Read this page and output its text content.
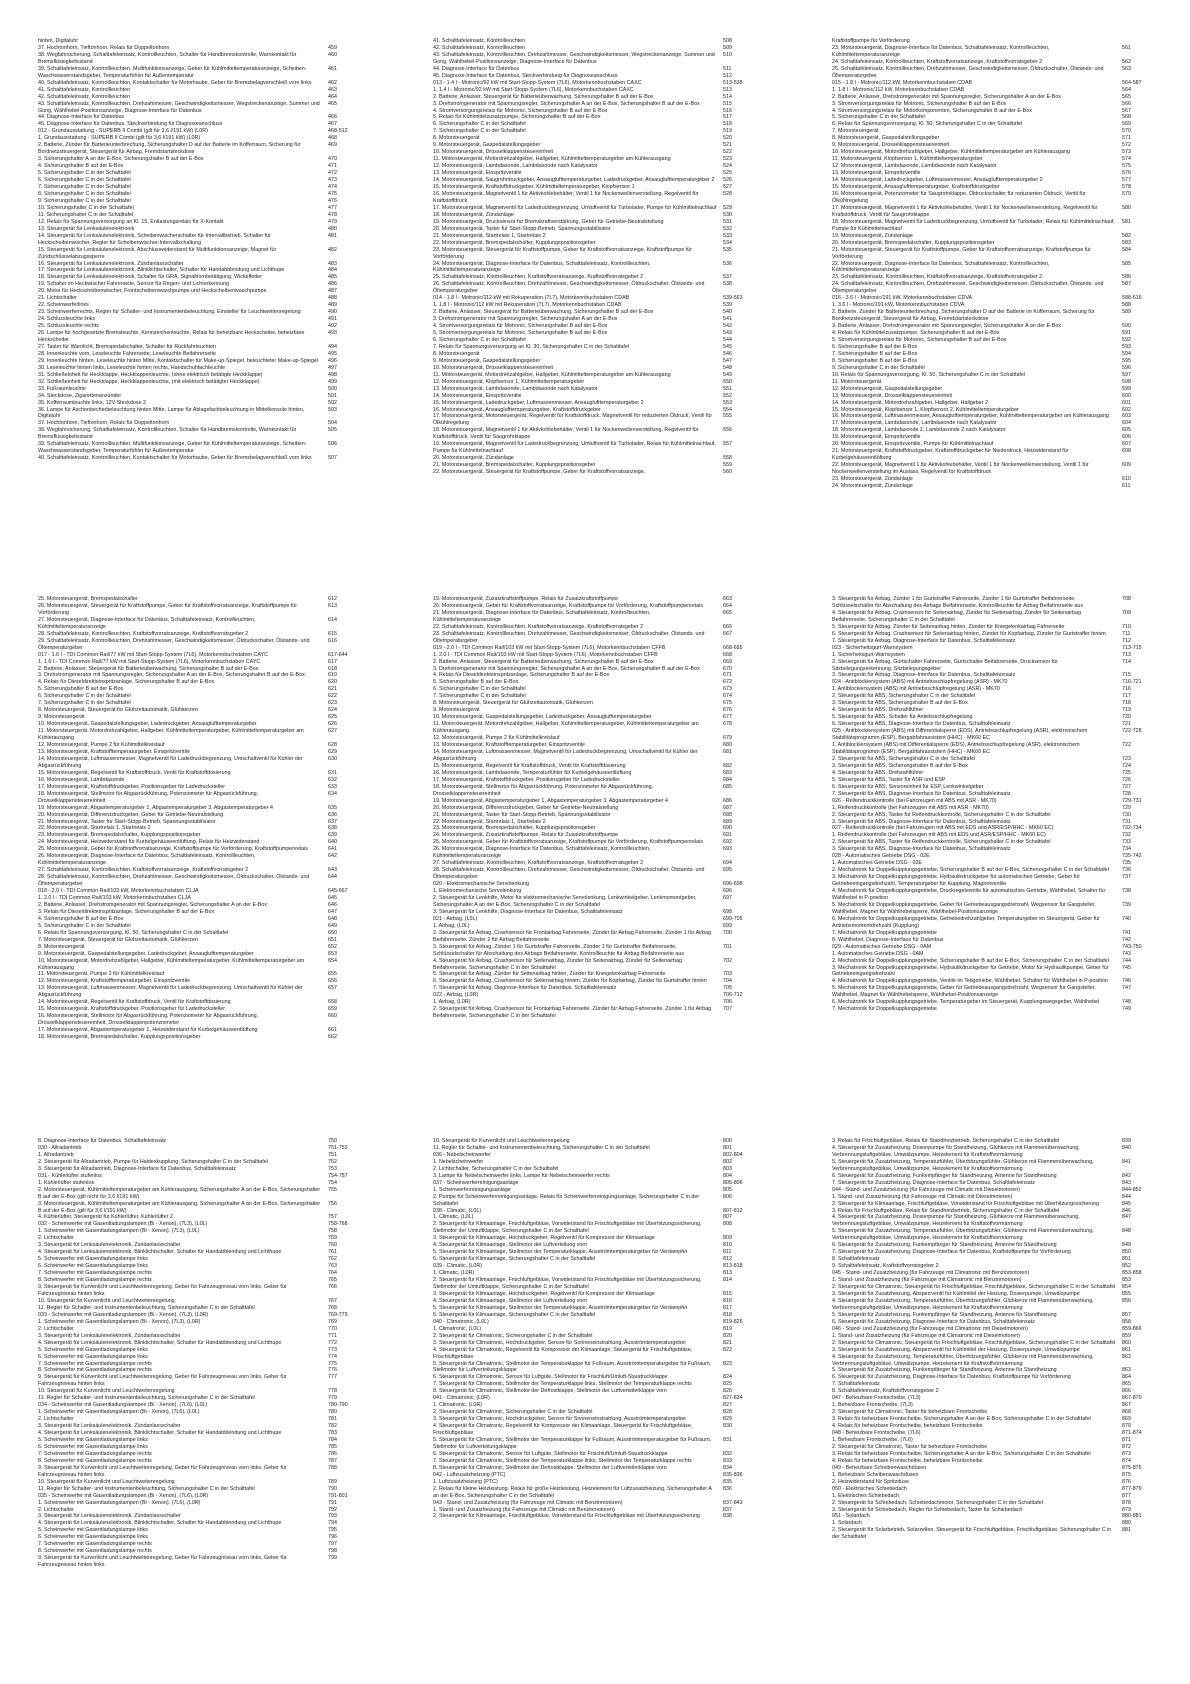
hinten, Digitaluhr
37. Hochtonhorn, Tieftonhorn, Relais für Doppeltonhorn	459
38. Wegfahrsicherung, Schalttafeleinsatz, Kontrollleuchten, Schalter für Handbremskontrolle, Warnkontakt für Bremsflüssigkeitsstand
460
39. Schalttafeleinsatz, Kontrollleuchten, Multifunktionsanzeige, Geber für Kühlmitteltemperaturanzeige, Scheiben-Waschwasserstandsgeber, Temperaturfühler für Außentemperatur
461
40. Schalttafeleinsatz, Kontrollleuchten, Kontaktschalter für Motorhaube, Geber für Bremsbelagverschleiß vorn links	462
41. Schalttafeleinsatz, Kontrollleuchten	463
42. Schalttafeleinsatz, Kontrollleuchten	464
43. Schalttafeleinsatz, Kontrollleuchten, Drehzahlmesser, Geschwindigkeitsmesser, Wegstreckenanzeige, Summer und Gong, Wählhebel-Positionsanzeige, Diagnose-Interface für Datenbus
465
44. Diagnose-Interface für Datenbus	466
45. Diagnose-Interface für Datenbus, Steckverbindung für Diagnoseanschluss	467
012 - Grundausstattung - SUPERB II Combi (gilt für 3,6 l/191 kW) (L0R)	468-512
1. Grundausstattung - SUPERB II Combi (gilt für 3,6 l/191 kW) (L0R)	468
2. Batterie, Zünder für Batterieunterbrechung, Sicherungshalter D auf der Batterie im Kofferraum, Sicherung für Bordnetzsteuergerät, Steuergerät für Airbag, Fremdstartsteckdose
469
3. Sicherungshalter A an der E-Box, Sicherungshalter B auf der E-Box	470
4. Sicherungshalter B auf der E-Box	471
5. Sicherungshalter C in der Schalttafel	472
6. Sicherungshalter C in der Schalttafel	473
7. Sicherungshalter C in der Schalttafel	474
8. Sicherungshalter C in der Schalttafel	475
9. Sicherungshalter C in der Schalttafel	476
10. Sicherungshalter C in der Schalttafel	477
11. Sicherungshalter C in der Schalttafel	478
12. Relais für Spannungsversorgung an Kl. 15, Entlastungsrelais für X-Kontakt	479
13. Steuergerät für Lenksäulenelektronik	480
14. Steuergerät für Lenksäulenelektronik, Scheibenwischerschalter für Intervallbetrieb, Schalter für Heckscheibenwischer, Regler für Scheibenwischer-Intervallschaltung
481
15. Steuergerät für Lenksäulenelektronik, Abschlusswiderstand für Multifunktionsanzeige, Magnet für Zündschlüsselabzugssperre
482
16. Steuergerät für Lenksäulenelektronik, Zündanlassschalter	483
17. Steuergerät für Lenksäulenelektronik, Blinklichtschalter, Schalter für Handabblendung und Lichthupe	484
18. Steuergerät für Lenksäulenelektronik, Schalter für GRA, Signalhornbetätigung, Wickelfeder	485
19. Schalter im Heckwischer Fahrerseite, Sensor für Regen- und Lichterkennung	486
20. Motor für Heckscheibenwischer, Frontscheibenwaschpumpe und Heckscheibenwaschpumpe	487
21. Lichtschalter	488
22. Scheinwerferlinks	489
23. Scheinwerferrechts, Regler für Schalter- und Instrumentenbeleuchtung, Einsteller für Leuchtweitenregelung	490
24. Schlussleuchte links	491
25. Schlussleuchte rechts	492
26. Lampe für hochgesetzte Bremsleuchte, Kennzeichenleuchte, Relais für beheizbare Heckscheibe, beheizbare Heckscheibe
493
27. Taster für Warnlicht, Bremspedalschalter, Schalter für Rückfahrleuchten	494
28. Innenleuchte vorn, Leseleuchte Fahrerseite, Leseleuchte Beifahrerseite	495
29. Innenleuchte hinten, Leseleuchte hinten Mitte, Kontaktschalter für Make-up-Spiegel, beleuchteter Make-up-Spiegel 496
30. Leseleuchte hinten links, Leseleuchte hinten rechts, Handschuhfachleuchte	497
31. Schließeinheit für Heckklappe, Heckklappenleuchte, (ohne elektrisch betätigte Heckklappe)	498
32. Schließeinheit für Heckklappe, Heckklappenleuchte, (mit elektrisch betätigter Heckklappe)	499
33. Fußraumleuchte	500
34. Steckdose, Zigarettenanzünder	501
35. Kofferraumleuchte links, 12V-Steckdose 2	502
36. Lampe für Aschenbecherbeleuchtung hinten Mitte, Lampe für Ablagefachbeleuchtung in Mittelkonsole hinten, Digitaluhr
503
37. Hochtonhorn, Tieftonhorn, Relais für Doppeltonhorn	504
38. Wegfahrsicherung, Schalttafeleinsatz, Kontrollleuchten, Schalter für Handbremskontrolle, Warnkontakt für Bremsflüssigkeitsstand
505
39. Schalttafeleinsatz, Kontrollleuchten, Multifunktionsanzeige, Geber für Kühlmitteltemperaturanzeige, Scheiben-Waschwasserstandsgeber, Temperaturfühler für Außentemperatur
506
40. Schalttafeleinsatz, Kontrollleuchten, Kontaktschalter für Motorhaube, Geber für Bremsbelagverschleiß vorn links	507
41. Schalttafeleinsatz, Kontrollleuchten	508
42. Schalttafeleinsatz, Kontrollleuchten	509
43. Schalttafeleinsatz, Kontrollleuchten, Drehzahlmesser, Geschwindigkeitsmesser, Wegstreckenanzeige, Summer und Gong, Wählhebel-Positionsanzeige, Diagnose-Interface für Datenbus
510
44. Diagnose-Interface für Datenbus	511
45. Diagnose-Interface für Datenbus, Steckverbindung für Diagnoseanschluss	512
013 - 1.4 l - Motronic/92 kW mit Start-Stopp-System (7L6), Motorkennbuchstaben CAXC	513-538
1. 1.4 l - Motronic/92 kW mit Start-Stopp-System (7L6), Motorkennbuchstaben CAXC	513
2. Batterie, Anlasser, Steuergerät für Batterieüberwachung, Sicherungshalter B auf der E-Box	514
3. Drehstromgenerator mit Spannungsregler, Sicherungshalter A an der E-Box, Sicherungshalter B auf der E-Box	515
4. Stromversorgungsrelais für Motronic, Sicherungshalter B auf der E-Box	516
5. Relais für Kühlmittelzusatzpumpe, Sicherungshalter B auf der E-Box	517
6. Sicherungshalter C in der Schalttafel	518
7. Sicherungshalter C in der Schalttafel	519
8. Motorsteuergerät	520
9. Motorsteuergerät, Gaspedalstellungsgeber	521
10. Motorsteuergerät, Drosselklappensteuereinheit	522
11. Motorsteuergerät, Motordrehzahlgeber, Hallgeber, Kühlmitteltemperaturgeber am Kühlerausgang	523
12. Motorsteuergerät, Lambdasonde, Lambdasonde nach Katalysator	524
13. Motorsteuergerät, Einspritzventile	525
14. Motorsteuergerät, Saugrohrdruckgeber, Ansauglufttemperaturgeber, Ladedruckgeber, Ansauglufttemperaturgeber 2 526
15. Motorsteuergerät, Kraftstoffdruckgeber, Kühlmitteltemperaturgeber, Klopfsensor 1	527
16. Motorsteuergerät, Magnetventil 1 für Aktivkohlebehälter, Ventil 1 für Nockenwellenverstellung, Regelventil für Kraftstoffdruck
528
17. Motorsteuergerät, Magnetventil für Ladedruckbegrenzung, Umluftventil für Turbolader, Pumpe für Kühlmittelnachlauf 529
18. Motorsteuergerät, Zündanlage	530
19. Motorsteuergerät, Drucksensor für Bremskraftverstärkung, Geber für Getriebe-Neutralstellung	531
20. Motorsteuergerät, Taster für Start-Stopp-Betrieb, Spannungsstabilisator	532
21. Motorsteuergerät, Startrelais 1, Startrelais 2	533
22. Motorsteuergerät, Bremspedalschalter, Kupplungspositionsgeber	534
23. Motorsteuergerät, Steuergerät für Kraftstoffpumpe, Geber für Kraftstoffvorratsanzeige, Kraftstoffpumpe für Vorförderung
535
24. Motorsteuergerät, Diagnose-Interface für Datenbus, Schalttafeleinsatz, Kontrollleuchten, Kühlmitteltemperaturanzeige
536
25. Schalttafeleinsatz, Kontrollleuchten, Kraftstoffvorratsanzeige, Kraftstoffvorratsgeber 2	537
26. Schalttafeleinsatz, Kontrollleuchten, Drehzahlmesser, Geschwindigkeitsmesser, Öldruckschalter, Ölstands- und Öltemperaturgeber
538
014 - 1.8 l - Motronic/112 kW mit Rekuperation (7L7), Motorkennbuchstaben CDAB	539-563
1. 1.8 l - Motronic/112 kW mit Rekuperation (7L7), Motorkennbuchstaben CDAB	539
2. Batterie, Anlasser, Steuergerät für Batterieüberwachung, Sicherungshalter B auf der E-Box	540
3. Drehstromgenerator mit Spannungsregler, Sicherungshalter A an der E-Box	541
4. Stromversorgungsrelais für Motronic, Sicherungshalter B auf der E-Box	542
5. Stromversorgungsrelais für Motronic, Sicherungshalter B auf der E-Box	543
6. Sicherungshalter C in der Schalttafel	544
7. Relais für Spannungsversorgung an Kl. 30, Sicherungshalter C in der Schalttafel	545
8. Motorsteuergerät	546
9. Motorsteuergerät, Gaspedalstellungsgeber	547
10. Motorsteuergerät, Drosselklappensteuereinheit	548
11. Motorsteuergerät, Motordrehzahlgeber, Hallgeber, Kühlmitteltemperaturgeber am Kühlerausgang	549
12. Motorsteuergerät, Klopfsensor 1, Kühlmitteltemperaturgeber	550
13. Motorsteuergerät, Lambdasonde, Lambdasonde nach Katalysator	551
14. Motorsteuergerät, Einspritzventile	552
15. Motorsteuergerät, Ladedruckgeber, Luftmassenmesser, Ansauglufttemperaturgeber 2	553
16. Motorsteuergerät, Ansauglufttemperaturgeber, Kraftstoffdruckgeber	554
17. Motorsteuergerät, Motorsteuergerät, Regelventil für Kraftstoffdruck, Magnetventil für reduzierten Öldruck, Ventil für Ölkühlregelung
555
18. Motorsteuergerät, Magnetventil 1 für Aktivkohlebehälter, Ventil 1 für Nockenwellenverstellung, Regelventil für Kraftstoffdruck, Ventil für Saugrohrklappe
556
19. Motorsteuergerät, Magnetventil für Ladedruckbegrenzung, Umluftventil für Turbolader, Relais für Kühlmittelnachlauf, Pumpe für Kühlmittelnachlauf
557
20. Motorsteuergerät, Zündanlage	558
21. Motorsteuergerät, Bremspedalschalter, Kupplungspositionsgeber	559
22. Motorsteuergerät, Steuergerät für Kraftstoffpumpe, Geber für Kraftstoffvorratsanzeige,	560
Kraftstoffpumpe für Vorförderung
23. Motorsteuergerät, Diagnose-Interface für Datenbus, Schalttafeleinsatz, Kontrollleuchten, Kühlmitteltemperaturanzeige
561
24. Schalttafeleinsatz, Kontrollleuchten, Kraftstoffvorratsanzeige, Kraftstoffvorratsgeber 2	562
25. Schalttafeleinsatz, Kontrollleuchten, Drehzahlmesser, Geschwindigkeitsmesser, Öldruckschalter, Ölstands- und Öltemperaturgeber
563
015 - 1.8 l - Motronic/112 kW, Motorkennbuchstaben CDAB	564-587
1. 1.8 l - Motronic/112 kW, Motorkennbuchstaben CDAB	564
2. Batterie, Anlasser, Drehstromgenerator mit Spannungsregler, Sicherungshalter A an der E-Box	565
3. Stromversorgungsrelais für Motronic, Sicherungshalter B auf der E-Box	566
4. Stromversorgungsrelais für Motorkomponenten, Sicherungshalter B auf der E-Box	567
5. Sicherungshalter C in der Schalttafel	568
6. Relais für Spannungsversorgung, Kl. 50, Sicherungshalter C in der Schalttafel	569
7. Motorsteuergerät	570
8. Motorsteuergerät, Gaspedalstellungsgeber	571
9. Motorsteuergerät, Drosselklappensteuereinheit	572
10. Motorsteuergerät, Motordrehzahlgeber, Hallgeber, Kühlmitteltemperaturgeber am Kühlerausgang	573
11. Motorsteuergerät, Klopfsensor 1, Kühlmitteltemperaturgeber	574
12. Motorsteuergerät, Lambdasonde, Lambdasonde nach Katalysator	575
13. Motorsteuergerät, Einspritzventile	576
14. Motorsteuergerät, Ladedruckgeber, Luftmassenmesser, Ansauglufttemperaturgeber 2	577
15. Motorsteuergerät, Ansauglufttemperaturgeber, Kraftstoffdruckgeber	578
16. Motorsteuergerät, Potenziometer für Saugrohrklappe, Öldruckschalter für reduzierten Öldruck, Ventil für Ölkühlregelung
579
17. Motorsteuergerät, Magnetventil 1 für Aktivkohlebehälter, Ventil 1 für Nockenwellenverstellung, Regelventil für Kraftstoffdruck, Ventil für Saugrohrklappe
580
18. Motorsteuergerät, Magnetventil für Ladedruckbegrenzung, Umluftventil für Turbolader, Relais für Kühlmittelnachlauf, Pumpe für Kühlmittelnachlauf
581
19. Motorsteuergerät, Zündanlage	582
20. Motorsteuergerät, Bremspedalschalter, Kupplungspositionsgeber	583
21. Motorsteuergerät, Steuergerät für Kraftstoffpumpe, Geber für Kraftstoffvorratsanzeige, Kraftstoffpumpe für Vorförderung
584
22. Motorsteuergerät, Diagnose-Interface für Datenbus, Schalttafeleinsatz, Kontrollleuchten, Kühlmitteltemperaturanzeige
585
23. Schalttafeleinsatz, Kontrollleuchten, Kraftstoffvorratsanzeige, Kraftstoffvorratsgeber 2	586
24. Schalttafeleinsatz, Kontrollleuchten, Drehzahlmesser, Geschwindigkeitsmesser, Öldruckschalter, Ölstands- und Öltemperaturgeber
587
016 - 3.6 l - Motronic/191 kW, Motorkennbuchstaben CDVA	588-616
1. 3.6 l - Motronic/191 kW, Motorkennbuchstaben CDVA	588
2. Batterie, Zünder für Batterieunterbrechung, Sicherungshalter D auf der Batterie im Kofferraum, Sicherung für Bordnetzsteuergerät, Steuergerät für Airbag, Fremdstartsteckdose
589
3. Batterie, Anlasser, Drehstromgenerator mit Spannungsregler, Sicherungshalter A an der E-Box	590
4. Relais für Kühlmittelzusatzpumpe, Sicherungshalter B auf der E-Box	591
5. Stromversorgungsrelais für Motronic, Sicherungshalter B auf der E-Box	592
6. Sicherungshalter B auf der E-Box	593
7. Sicherungshalter B auf der E-Box	594
8. Sicherungshalter B auf der E-Box	595
9. Sicherungshalter C in der Schalttafel	596
10. Relais für Spannungsversorgung, Kl. 50, Sicherungshalter C in der Schalttafel	597
11. Motorsteuergerät	598
12. Motorsteuergerät, Gaspedalstellungsgeber	599
13. Motorsteuergerät, Drosselklappensteuereinheit	600
14. Motorsteuergerät, Motordrehzahlgeber, Hallgeber, Hallgeber 2	601
15. Motorsteuergerät, Klopfsensor 1, Klopfsensor 2, Kühlmitteltemperaturgeber	602
16. Motorsteuergerät, Luftmassenmesser, Ansauglufttemperaturgeber, Kühlmitteltemperaturgeber am Kühlerausgang 603
17. Motorsteuergerät, Lambdasonde, Lambdasonde nach Katalysator	604
18. Motorsteuergerät, Lambdasonde 2, Lambdasonde 2 nach Katalysator	605
19. Motorsteuergerät, Einspritzventile	606
20. Motorsteuergerät, Einspritzventile, Pumpe für Kühlmittelnachlauf	607
21. Motorsteuergerät, Kraftstoffdruckgeber, Kraftstoffdruckgeber für Niederdruck, Heizwiderstand für Kurbelgehäuseentlüftung
608
22. Motorsteuergerät, Magnetventil 1 für Aktivkohlebehälter, Ventil 1 für Nockenwellenverstellung, Ventil 1 für Nockenwellenverstellung im Auslass, Regelventil für Kraftstoffdruck
609
23. Motorsteuergerät, Zündanlage	610
24. Motorsteuergerät, Zündanlage	611
25. Motorsteuergerät, Bremspedalschalter	612
26. Motorsteuergerät, Steuergerät für Kraftstoffpumpe, Geber für Kraftstoffvorratsanzeige, Kraftstoffpumpe für Vorförderung
613
27. Motorsteuergerät, Diagnose-Interface für Datenbus, Schalttafeleinsatz, Kontrollleuchten, Kühlmitteltemperaturanzeige
614
28. Schalttafeleinsatz, Kontrollleuchten, Kraftstoffvorratsanzeige, Kraftstoffvorratsgeber 2	615
29. Schalttafeleinsatz, Kontrollleuchten, Drehzahlmesser, Geschwindigkeitsmesser, Öldruckschalter, Ölstands- und Öltemperaturgeber
616
017 - 1.6 l - TDI Common Rail/77 kW mit Start-Stopp-System (7L6), Motorkennbuchstaben CAYC	617-644
1. 1.6 l - TDI Common Rail/77 kW mit Start-Stopp-System (7L6), Motorkennbuchstaben CAYC	617
2. Batterie, Anlasser, Steuergerät für Batterieüberwachung, Sicherungshalter B auf der E-Box	618
3. Drehstromgenerator mit Spannungsregler, Sicherungshalter A an der E-Box, Sicherungshalter B auf der E-Box	619
4. Relais für Dieseldirekteinspritzanlage, Sicherungshalter B auf der E-Box	620
5. Sicherungshalter B auf der E-Box	621
6. Sicherungshalter C in der Schalttafel	622
7. Sicherungshalter C in der Schalttafel	623
8. Motorsteuergerät, Steuergerät für Glühzeitautomatik, Glühkerzen	624
9. Motorsteuergerät	625
10. Motorsteuergerät, Gaspedalstellungsgeber, Ladedruckgeber, Ansauglufttemperaturgeber	626
11. Motorsteuergerät, Motordrehzahlgeber, Hallgeber, Kühlmitteltemperaturgeber, Kühlmitteltemperaturgeber am Kühlerausgang
627
12. Motorsteuergerät, Pumpe 2 für Kühlmittelkreislauf	628
13. Motorsteuergerät, Kraftstofftemperaturgeber, Einspritzventile	629
14. Motorsteuergerät, Luftmassenmesser, Magnetventil für Ladedruckbegrenzung, Umschaltventil für Kühler der Abgasrückführung
630
15. Motorsteuergerät, Regelventil für Kraftstoffdruck, Ventil für Kraftstoffdosierung	631
16. Motorsteuergerät, Lambdasonde	632
17. Motorsteuergerät, Kraftstoffdruckgeber, Positionsgeber für Ladedrucksteller	633
18. Motorsteuergerät, Stellmotor für Abgasrückführung, Potenziometer für Abgasrückführung, Drosselklappensteuereinheit
634
19. Motorsteuergerät, Abgastemperaturgeber 1, Abgastemperaturgeber 3, Abgastemperaturgeber 4	635
20. Motorsteuergerät, Differenzdruckgeber, Geber für Getriebe-Neutralstellung	636
21. Motorsteuergerät, Taster für Start-Stopp-Betrieb, Spannungsstabilisator	637
22. Motorsteuergerät, Startrelais 1, Startrelais 2	638
23. Motorsteuergerät, Bremspedalschalter, Kupplungspositionsgeber	639
24. Motorsteuergerät, Heizwiderstand für Kurbelgehäuseentlüftung, Relais für Heizwiderstand	640
25. Motorsteuergerät, Geber für Kraftstoffvorratsanzeige, Kraftstoffpumpe für Vorförderung, Kraftstoffpumpenrelais	641
26. Motorsteuergerät, Diagnose-Interface für Datenbus, Schalttafeleinsatz, Kontrollleuchten, Kühlmitteltemperaturanzeige
642
27. Schalttafeleinsatz, Kontrollleuchten, Kraftstoffvorratsanzeige, Kraftstoffvorratsgeber 2	643
28. Schalttafeleinsatz, Kontrollleuchten, Drehzahlmesser, Geschwindigkeitsmesser, Öldruckschalter, Ölstands- und Öltemperaturgeber
644
018 - 2.0 l - TDI Common Rail/103 kW, Motorkennbuchstaben CLJA	645-667
1. 2.0 l - TDI Common Rail/103 kW, Motorkennbuchstaben CLJA	645
2. Batterie, Anlasser, Drehstromgenerator mit Spannungsregler, Sicherungshalter A an der E-Box	646
3. Relais für Dieseldirekteinspritzanlage, Sicherungshalter B auf der E-Box	647
4. Sicherungshalter B auf der E-Box	648
5. Sicherungshalter C in der Schalttafel	649
6. Relais für Spannungsversorgung, Kl. 50, Sicherungshalter C in der Schalttafel	650
7. Motorsteuergerät, Steuergerät für Glühzeitautomatik, Glühkerzen	651
8. Motorsteuergerät	652
9. Motorsteuergerät, Gaspedalstellungsgeber, Ladedruckgeber, Ansauglufttemperaturgeber	653
10. Motorsteuergerät, Motordrehzahlgeber, Hallgeber, Kühlmitteltemperaturgeber, Kühlmitteltemperaturgeber am Kühlerausgang
654
11. Motorsteuergerät, Pumpe 2 für Kühlmittelkreislauf	655
12. Motorsteuergerät, Kraftstofftemperaturgeber, Einspritzventile	656
13. Motorsteuergerät, Luftmassenmesser, Magnetventil für Ladedruckbegrenzung, Umschaltventil für Kühler der Abgasrückführung
657
14. Motorsteuergerät, Regelventil für Kraftstoffdruck, Ventil für Kraftstoffdosierung	658
15. Motorsteuergerät, Kraftstoffdruckgeber, Positionsgeber für Ladedrucksteller	659
16. Motorsteuergerät, Stellmotor für Abgasrückführung, Potenziometer für Abgasrückführung, Drosselklappensteuereinheit, Drosselklappenpotenziometer
660
17. Motorsteuergerät, Abgastemperaturgeber 1, Heizwiderstand für Kurbelgehäuseentlüftung	661
18. Motorsteuergerät, Bremspedalschalter, Kupplungspositionsgeber	662
19. Motorsteuergerät, Zusatzkraftstoffpumpe, Relais für Zusatzkraftstoffpumpe	663
20. Motorsteuergerät, Geber für Kraftstoffvorratsanzeige, Kraftstoffpumpe für Vorförderung, Kraftstoffpumpenrelais	664
21. Motorsteuergerät, Diagnose-Interface für Datenbus, Schalttafeleinsatz, Kontrollleuchten, Kühlmitteltemperaturanzeige
665
22. Schalttafeleinsatz, Kontrollleuchten, Kraftstoffvorratsanzeige, Kraftstoffvorratsgeber 2	666
23. Schalttafeleinsatz, Kontrollleuchten, Drehzahlmesser, Geschwindigkeitsmesser, Öldruckschalter, Ölstands- und Öltemperaturgeber
667
019 - 2.0 l - TDI Common Rail/103 kW mit Start-Stopp-System (7L6), Motorkennbuchstaben CFFB	668-695
1. 2.0 l - TDI Common Rail/103 kW mit Start-Stopp-System (7L6), Motorkennbuchstaben CFFB	668
2. Batterie, Anlasser, Steuergerät für Batterieüberwachung, Sicherungshalter B auf der E-Box	669
3. Drehstromgenerator mit Spannungsregler, Sicherungshalter A an der E-Box, Sicherungshalter B auf der E-Box	670
4. Relais für Dieseldirekteinspritzanlage, Sicherungshalter B auf der E-Box	671
5. Sicherungshalter B auf der E-Box	672
6. Sicherungshalter C in der Schalttafel	673
7. Sicherungshalter C in der Schalttafel	674
8. Motorsteuergerät, Steuergerät für Glühzeitautomatik, Glühkerzen	675
9. Motorsteuergerät	676
10. Motorsteuergerät, Gaspedalstellungsgeber, Ladedruckgeber, Ansauglufttemperaturgeber	677
11. Motorsteuergerät, Motordrehzahlgeber, Hallgeber, Kühlmitteltemperaturgeber, Kühlmitteltemperaturgeber am Kühlerausgang
678
12. Motorsteuergerät, Pumpe 2 für Kühlmittelkreislauf	679
13. Motorsteuergerät, Kraftstofftemperaturgeber, Einspritzventile	680
14. Motorsteuergerät, Luftmassenmesser, Magnetventil für Ladedruckbegrenzung, Umschaltventil für Kühler der Abgasrückführung
681
15. Motorsteuergerät, Regelventil für Kraftstoffdruck, Ventil für Kraftstoffdosierung	682
16. Motorsteuergerät, Lambdasonde, Temperaturfühler für Kurbelgehäuseentlüftung	683
17. Motorsteuergerät, Kraftstoffdruckgeber, Positionsgeber für Ladedrucksteller	684
18. Motorsteuergerät, Stellmotor für Abgasrückführung, Potenziometer für Abgasrückführung, Drosselklappensteuereinheit
685
19. Motorsteuergerät, Abgastemperaturgeber 1, Abgastemperaturgeber 3, Abgastemperaturgeber 4	686
20. Motorsteuergerät, Differenzdruckgeber, Geber für Getriebe-Neutralstellung	687
21. Motorsteuergerät, Taster für Start-Stopp-Betrieb, Spannungsstabilisator	688
22. Motorsteuergerät, Startrelais 1, Startrelais 2	689
23. Motorsteuergerät, Bremspedalschalter, Kupplungspositionsgeber	690
24. Motorsteuergerät, Zusatzkraftstoffpumpe, Relais für Zusatzkraftstoffpumpe	691
25. Motorsteuergerät, Geber für Kraftstoffvorratsanzeige, Kraftstoffpumpe für Vorförderung, Kraftstoffpumpenrelais	692
26. Motorsteuergerät, Diagnose-Interface für Datenbus, Schalttafeleinsatz, Kontrollleuchten, Kühlmitteltemperaturanzeige
693
27. Schalttafeleinsatz, Kontrollleuchten, Kraftstoffvorratsanzeige, Kraftstoffvorratsgeber 2	694
28. Schalttafeleinsatz, Kontrollleuchten, Drehzahlmesser, Geschwindigkeitsmesser, Öldruckschalter, Ölstands- und Öltemperaturgeber
695
020 - Elektromechanische Servolenkung	696-698
1. Elektromechanische Servolenkung	696
2. Steuergerät für Lenkhilfe, Motor für elektromechanische Servolenkung, Lenkwinkelgeber, Lenkmomentgeber, Sicherungshalter A an der E-Box, Sicherungshalter C in der Schalttafel
697
3. Steuergerät für Lenkhilfe, Diagnose-Interface für Datenbus, Schalttafeleinsatz	698
021 - Airbag, (L0L)	699-705
1. Airbag, (L0L)	699
2. Steuergerät für Airbag, Crashsensor für Frontairbag Fahrerseite, Zünder für Airbag Fahrerseite, Zünder 1 für Airbag Beifahrerseite, Zünder 2 für Airbag Beifahrerseite
700
3. Steuergerät für Airbag, Zünder 1 für Gurtstraffer Fahrerseite, Zünder 1 für Gurtstraffer Beifahrerseite, Schlüsselschalter für Abschaltung des Airbags Beifahrerseite, Kontrollleuchte für Airbag Beifahrerseite aus
701
4. Steuergerät für Airbag, Crashsensor für Seitenairbag, Zünder für Seitenairbag, Zünder für Seitenairbag Beifahrerseite, Sicherungshalter C in der Schalttafel
702
5. Steuergerät für Airbag, Zünder für Seitenairbag hinten, Zünder für Kniegelenkairbag Fahrerseite	703
6. Steuergerät für Airbag, Crashsensor für Seitenairbag hinten, Zünder für Kopfairbag, Zünder für Gurtstraffer hinten	704
7. Steuergerät für Airbag, Diagnose-Interface für Datenbus, Schalttafeleinsatz	705
022 - Airbag, (L0R)	706-712
1. Airbag, (L0R)	706
2. Steuergerät für Airbag, Crashsensor für Frontairbag Fahrerseite, Zünder für Airbag Fahrerseite, Zünder 1 für Airbag Beifahrerseite, Sicherungshalter C in der Schalttafel
707
3. Steuergerät für Airbag, Zünder 1 für Gurtstraffer Fahrerseite, Zünder 1 für Gurtstraffer Beifahrerseite, Schlüsselschalter für Abschaltung des Airbags Beifahrerseite, Kontrollleuchte für Airbag Beifahrerseite aus
708
4. Steuergerät für Airbag, Crashsensor für Seitenairbag, Zünder für Seitenairbag, Zünder für Seitenairbag Beifahrerseite, Sicherungshalter C in der Schalttafel
709
5. Steuergerät für Airbag, Zünder für Seitenairbag hinten, Zünder für Kniegelenkairbag Fahrerseite	710
6. Steuergerät für Airbag, Crashsensor für Seitenairbag hinten, Zünder für Kopfairbag, Zünder für Gurtstraffer hinten	711
7. Steuergerät für Airbag, Diagnose-Interface für Datenbus, Schalttafeleinsatz	712
023 - Sicherheitsgurt-Warnsystem	713-715
1. Sicherheitsgurt-Warnsystem	713
2. Steuergerät für Airbag, Gurtschalter Fahrerseite, Gurtschalter Beifahrerseite, Drucksensor für Sitzbelegungserkennung, Sitzbelegungsgeber
714
3. Steuergerät für Airbag, Diagnose-Interface für Datenbus, Schalttafeleinsatz	715
024 - Antiblockiersystem (ABS) mit Antriebsschlupfregelung (ASR) - MK70	716-721
1. Antiblockiersystem (ABS) mit Antriebsschlupfregelung (ASR) - MK70	716
2. Steuergerät für ABS, Sicherungshalter C in der Schalttafel	717
3. Steuergerät für ABS, Sicherungshalter B auf der E-Box	718
4. Steuergerät für ABS, Drehzahlfühler	719
5. Steuergerät für ABS, Schalter für Antiebsschlupfregelung	720
6. Steuergerät für ABS, Diagnose-Interface für Datenbus, Schalttafeleinsatz	721
025 - Antiblockiersystem (ABS) mit Differentialsperre (EDS), Antriebsschlupfregelung (ASR), elektronischem Stabilitätsprogramm (ESP), Bergabfahrassistent (HHC) - MK60 EC
722-728
1. Antiblockiersystem (ABS) mit Differentialsperre (EDS), Antriebsschlupfregelung (ASR), elektronischem Stabilitätsprogramm (ESP), Bergabfahrassistent (HHC) - MK60 EC
722
2. Steuergerät für ABS, Sicherungshalter C in der Schalttafel	723
3. Steuergerät für ABS, Sicherungshalter B auf der E-Box	724
4. Steuergerät für ABS, Drehzahlfühler	725
5. Steuergerät für ABS, Taster für ASR und ESP	726
6. Steuergerät für ABS, Sensoreinheit für ESP, Lenkwinkelgeber	727
7. Steuergerät für ABS, Diagnose-Interface für Datenbus, Schalttafeleinsatz	728
026 - Reifendruckkontrolle (bei Fahrzeugen mit ABS mit ASR - MK70)	729-731
1. Reifendruckkontrolle (bei Fahrzeugen mit ABS mit ASR - MK70)	729
2. Steuergerät für ABS, Taster für Reifendruckkontrolle, Sicherungshalter C in der Schalttafel	730
3. Steuergerät für ABS, Diagnose-Interface für Datenbus, Schalttafeleinsatz	731
027 - Reifendruckkontrolle (bei Fahrzeugen mit ABS mit EDS und ASR/ESP/HHC - MK60 EC)	732-734
1. Reifendruckkontrolle (bei Fahrzeugen mit ABS mit EDS und ASR/ESP/HHC - MK60 EC)	732
2. Steuergerät für ABS, Taster für Reifendruckkontrolle, Sicherungshalter C in der Schalttafel	733
3. Steuergerät für ABS, Diagnose-Interface für Datenbus, Schalttafeleinsatz	734
028 - Automatisches Getriebe DSG - 02E	735-742
1. Automatisches Getriebe DSG - 02E	735
2. Mechatronik für Doppelkupplungsgetriebe, Sicherungshalter B auf der E-Box, Sicherungshalter C in der Schalttafel 736
3. Mechatronik für Doppelkupplungsgetriebe, Hydraulikdruckgeber für automatisches Getriebe, Geber für Getriebeeingangsdrehzahl, Temperaturgeber für Kupplung, Magnetventile
737
4. Mechatronik für Doppelkupplungsgetriebe, Druckregelventile für automatisches Getriebe, Wählhebel, Schalter für Wählhebel in P-position
738
5. Mechatronik für Doppelkupplungsgetriebe, Geber für Getriebeausgangsdrehzahl, Wegsensor für Gangsteller, Wählhebel, Magnet für Wählhebelsperre, Wählhebel-Positionsanzeige
739
6. Mechatronik für Doppelkupplungsgetriebe, Getriebedrehzahlgeber, Temperaturgeber im Steuergerät, Geber für Antriebsmomentdrehzahl (Kupplung)
740
7. Mechatronik für Doppelkupplungsgetriebe	741
8. Wählhebel, Diagnose-Interface für Datenbus	742
029 - Automatisches Getriebe DSG - 0AM	743-750
1. Automatisches Getriebe DSG - 0AM	743
2. Mechatronik für Doppelkupplungsgetriebe, Sicherungshalter B auf der E-Box, Sicherungshalter C in der Schalttafel 744
3. Mechatronik für Doppelkupplungsgetriebe, Hydraulikdruckgeber für Getriebe, Motor für Hydraulikpumpe, Geber für Getriebeeingangsdrehzahl
745
4. Mechatronik für Doppelkupplungsgetriebe, Ventile im Teilgetriebe, Wählhebel, Schalter für Wählhebel in P-position	746
5. Mechatronik für Doppelkupplungsgetriebe, Geber für Getriebeausgangsdrehzahl, Wegsensor für Gangsteller, Wählhebel, Magnet für Wählhebelsperre, Wählhebel-Positionsanzeige
747
6. Mechatronik für Doppelkupplungsgetriebe, Temperaturgeber im Steuergerät, Kupplungswegsgeber, Wählhebel	748
7. Mechatronik für Doppelkupplungsgetriebe	749
8. Diagnose-Interface für Datenbus, Schalttafeleinsatz	750
030 - Allradantrieb	751-753
1. Allradantrieb	751
2. Steuergerät für Allradantrieb, Pumpe für Haldexkupplung, Sicherungshalter C in der Schalttafel	752
3. Steuergerät für Allradantrieb, Diagnose-Interface für Datenbus, Schalttafeleinsatz	753
031 - Kühlerlüfter stufenlos	754-757
1. Kühlerlüfter stufenlos	754
2. Motorsteuergerät, Kühlmitteltemperaturgeber am Kühlerausgang, Sicherungshalter A an der E-Box, Sicherungshalter B auf der E-Box (gilt nicht für 3,6 l/191 kW)
755
3. Motorsteuergerät, Kühlmitteltemperaturgeber am Kühlerausgang, Sicherungshalter A an der E-Box, Sicherungshalter B auf der E-Box (gilt für 3,6 l/191 kW)
756
4. Kühlerlüfter, Steuergerät für Kühlerlüfter, Kühlerlüfter 2	757
032 - Scheinwerfer mit Gasentladungslampen (Bi - Xenon), (7L3), (L0L)	758-768
1. Scheinwerfer mit Gasentladungslampen (Bi - Xenon), (7L3), (L0L)	758
2. Lichtschalter	759
3. Steuergerät für Lenksäulenelektronik, Zündanlassschalter	760
4. Steuergerät für Lenksäulenelektronik, Blinklichtschalter, Schalter für Handabblendung und Lichthupe	761
5. Scheinwerfer mit Gasentladungslampe links	762
6. Scheinwerfer mit Gasentladungslampe links	763
7. Scheinwerfer mit Gasentladungslampe rechts	764
8. Scheinwerfer mit Gasentladungslampe rechts	765
9. Steuergerät für Kurvenlicht und Leuchtweitenregelung, Geber für Fahrzeugniveau vorn links, Geber für Fahrzeugniveau hinten links
766
10. Steuergerät für Kurvenlicht und Leuchtweitenregelung	767
11. Regler für Schalter- und Instrumentenbeleuchtung, Sicherungshalter C in der Schalttafel	768
033 - Scheinwerfer mit Gasentladungslampen (Bi - Xenon), (7L3), (L0R)	769-779
1. Scheinwerfer mit Gasentladungslampen (Bi - Xenon), (7L3), (L0R)	769
2. Lichtschalter	770
3. Steuergerät für Lenksäulenelektronik, Zündanlassschalter	771
4. Steuergerät für Lenksäulenelektronik, Blinklichtschalter, Schalter für Handabblendung und Lichthupe	772
5. Scheinwerfer mit Gasentladungslampe links	773
6. Scheinwerfer mit Gasentladungslampe links	774
7. Scheinwerfer mit Gasentladungslampe rechts	775
8. Scheinwerfer mit Gasentladungslampe rechts	776
9. Steuergerät für Kurvenlicht und Leuchtweitenregelung, Geber für Fahrzeugniveau vorn links, Geber für Fahrzeugniveau hinten links
777
10. Steuergerät für Kurvenlicht und Leuchtweitenregelung	778
11. Regler für Schalter- und Instrumentenbeleuchtung, Sicherungshalter C in der Schalttafel	779
034 - Scheinwerfer mit Gasentladungslampen (Bi - Xenon), (7L6), (L0L)	780-790
1. Scheinwerfer mit Gasentladungslampen (Bi - Xenon), (7L6), (L0L)	780
2. Lichtschalter	781
3. Steuergerät für Lenksäulenelektronik, Zündanlassschalter	782
4. Steuergerät für Lenksäulenelektronik, Blinklichtschalter, Schalter für Handabblendung und Lichthupe	783
5. Scheinwerfer mit Gasentladungslampe links	784
6. Scheinwerfer mit Gasentladungslampe links	785
7. Scheinwerfer mit Gasentladungslampe rechts	786
8. Scheinwerfer mit Gasentladungslampe rechts	787
9. Steuergerät für Kurvenlicht und Leuchtweitenregelung, Geber für Fahrzeugniveau vorn links, Geber für Fahrzeugniveau hinten links
788
10. Steuergerät für Kurvenlicht und Leuchtweitenregelung	789
11. Regler für Schalter- und Instrumentenbeleuchtung, Sicherungshalter C in der Schalttafel	790
035 - Scheinwerfer mit Gasentladungslampen (Bi - Xenon), (7L6), (L0R)	791-801
1. Scheinwerfer mit Gasentladungslampen (Bi - Xenon), (7L6), (L0R)	791
2. Lichtschalter	792
3. Steuergerät für Lenksäulenelektronik, Zündanlassschalter	793
4. Steuergerät für Lenksäulenelektronik, Blinklichtschalter, Schalter für Handabblendung und Lichthupe	794
5. Scheinwerfer mit Gasentladungslampe links	795
6. Scheinwerfer mit Gasentladungslampe links	796
7. Scheinwerfer mit Gasentladungslampe rechts	797
8. Scheinwerfer mit Gasentladungslampe rechts	798
9. Steuergerät für Kurvenlicht und Leuchtweitenregelung, Geber für Fahrzeugniveau vorn links, Geber für Fahrzeugniveau hinten links
799
10. Steuergerät für Kurvenlicht und Leuchtweitenregelung	800
11. Regler für Schalter- und Instrumentenbeleuchtung, Sicherungshalter C in der Schalttafel	801
036 - Nebelscheinwerfer	802-804
1. Nebelscheinwerfer	802
2. Lichtschalter, Sicherungshalter C in der Schalttafel	803
3. Lampe für Nebelscheinwerfer links, Lampe für Nebelscheinwerfer rechts	804
037 - Scheinwerferreinigungsanlage	805-806
1. Scheinwerferreinigungsanlage	805
2. Pumpe für Scheinwerferreinigungsanlage, Relais für Scheinwerferreinigungsanlage, Sicherungshalter C in der Schalttafel
806
038 - Climatic, (L0L)	807-812
1. Climatic, (L0L)	807
2. Steuergerät für Klimaanlage, Frischluftgebläse, Vorwiderstand für Frischluftgebläse mit Überhitzungssicherung, Stellmotor der Umluftklappe, Sicherungshalter C in der Schalttafel
808
3. Steuergerät für Klimaanlage, Hochdruckgeber, Regelventil für Kompressor der Klimaanlage	809
4. Steuergerät für Klimaanlage, Stellmotor der Luftverteilung vorn	810
5. Steuergerät für Klimaanlage, Stellmotor der Temperaturklappe, Ausströmtemperaturgeber für Verdampfer	811
6. Steuergerät für Klimaanlage, Sicherungshalter C in der Schalttafel	812
039 - Climatic, (L0R)	813-818
1. Climatic, (L0R)	813
2. Steuergerät für Klimaanlage, Frischluftgebläse, Vorwiderstand für Frischluftgebläse mit Überhitzungssicherung, Stellmotor der Umluftklappe, Sicherungshalter C in der Schalttafel
814
3. Steuergerät für Klimaanlage, Hochdruckgeber, Regelventil für Kompressor der Klimaanlage	815
4. Steuergerät für Klimaanlage, Stellmotor der Luftverteilung vorn	816
5. Steuergerät für Klimaanlage, Stellmotor der Temperaturklappe, Ausströmtemperaturgeber für Verdampfer	817
6. Steuergerät für Klimaanlage, Sicherungshalter C in der Schalttafel	818
040 - Climatronic, (L0L)	819-826
1. Climatronic, (L0L)	819
2. Steuergerät für Climatronic, Sicherungshalter C in der Schalttafel	820
3. Steuergerät für Climatronic, Hochdruckgeber, Sensor für Sonneneinstrahlung, Ausströmtemperaturgeber	821
4. Steuergerät für Climatronic, Regelventil für Kompressor der Klimaanlage, Steuergerät für Frischluftgebläse, Frischluftgebläse
822
5. Steuergerät für Climatronic, Stellmotor der Temperaturklappe für Fußraum, Ausströmtemperaturgeber für Fußraum, Stellmotor für Luftverteilungsklappe
823
6. Steuergerät für Climatronic, Sensor für Luftgüte, Stellmotor für Frischluft/Umluft-Staudruckklappe	824
7. Steuergerät für Climatronic, Stellmotor der Temperaturklappe links, Stellmotor der Temperaturklappe rechts	825
8. Steuergerät für Climatronic, Stellmotor der Defrostklappe, Stellmotor der Luftverteilerklappe vorn	826
041 - Climatronic, (L0R)	827-834
1. Climatronic, (L0R)	827
2. Steuergerät für Climatronic, Sicherungshalter C in der Schalttafel	828
3. Steuergerät für Climatronic, Hochdruckgeber, Sensor für Sonneneinstrahlung, Ausströmtemperaturgeber	829
4. Steuergerät für Climatronic, Regelventil für Kompressor der Klimaanlage, Steuergerät für Frischluftgebläse, Frischluftgebläse
830
5. Steuergerät für Climatronic, Stellmotor der Temperaturklappe für Fußraum, Ausströmtemperaturgeber für Fußraum, Stellmotor für Luftverteilungsklappe
831
6. Steuergerät für Climatronic, Sensor für Luftgüte, Stellmotor für Frischluft/Umluft-Staudruckklappe	832
7. Steuergerät für Climatronic, Stellmotor der Temperaturklappe links, Stellmotor der Temperaturklappe rechts	833
8. Steuergerät für Climatronic, Stellmotor der Defrostklappe, Stellmotor der Luftverteilerklappe vorn	834
042 - Luftzusatzheizung (PTC)	835-836
1. Luftzusatzheizung (PTC)	835
2. Relais für kleine Heizleistung, Relais für große Heizleistung, Heizelement für Luftzusatzheizung, Sicherungshalter A an der E-Box, Sicherungshalter C in der Schalttafel
836
043 - Stand- und Zusatzheizung (für Fahrzeuge mit Climatic mit Benzinmotoren)	837-843
1. Stand- und Zusatzheizung (für Fahrzeuge mit Climatic mit Benzinmotoren)	837
2. Steuergerät für Klimaanlage, Frischluftgebläse, Vorwiderstand für Frischluftgebläse mit Überhitzungssicherung	838
3. Relais für Frischluftgebläse, Relais für Standheizbetrieb, Sicherungshalter C in der Schalttafel	839
4. Steuergerät für Zusatzheizung, Dosierpumpe für Standheizung, Glühkerze mit Flammenüberwachung, Verbrennungsluftgebläse, Umwälzpumpe, Heizelement für Kraftstoffvormärmung
840
5. Steuergerät für Zusatzheizung, Temperaturfühler, Überhitzungsfühler, Glühkerze mit Flammenüberwachung, Verbrennungsluftgebläse, Umwälzpumpe, Heizelement für Kraftstoffvormärmung
841
6. Steuergerät für Zusatzheizung, Funkempfänger für Standheizung, Antenne für Standheizung	842
7. Steuergerät für Zusatzheizung, Diagnose-Interface für Datenbus, Schalttafeleinsatz	843
044 - Stand- und Zusatzheizung (für Fahrzeuge mit Climatic mit Dieselmotoren)	844-852
1. Stand- und Zusatzheizung (für Fahrzeuge mit Climatic mit Dieselmotoren)	844
2. Steuergerät für Klimaanlage, Frischluftgebläse, Vorwiderstand für Frischluftgebläse mit Überhitzungssicherung	845
3. Relais für Frischluftgebläse, Relais für Standheizbetrieb, Sicherungshalter C in der Schalttafel	846
4. Steuergerät für Zusatzheizung, Dosierpumpe für Standheizung, Glühkerze mit Flammenüberwachung, Verbrennungsluftgebläse, Umwälzpumpe, Heizelement für Kraftstoffvormärmung
847
5. Steuergerät für Zusatzheizung, Temperaturfühler, Überhitzungsfühler, Glühkerze mit Flammenüberwachung, Verbrennungsluftgebläse, Umwälzpumpe, Heizelement für Kraftstoffvormärmung
848
6. Steuergerät für Zusatzheizung, Funkempfänger für Standheizung, Antenne für Standheizung	849
7. Steuergerät für Zusatzheizung, Diagnose-Interface für Datenbus, Kraftstoffpumpe für Vorförderung	850
8. Schalttafeleinsatz	851
9. Schalttafeleinsatz, Kraftstoffvorratsgeber 2	852
045 - Stand- und Zusatzheizung (für Fahrzeuge mit Climatronic mit Benzinmotoren)	853-858
1. Stand- und Zusatzheizung (für Fahrzeuge mit Climatronic mit Benzinmotoren)	853
2. Steuergerät für Climatronic, Steuergerät für Frischluftgebläse, Frischluftgebläse, Sicherungshalter C in der Schalttafel 854
3. Steuergerät für Zusatzheizung, Absperrventil für Kühlmittel der Heizung, Dosierpumpe, Umwälzpumpe	855
4. Steuergerät für Zusatzheizung, Temperaturfühler, Überhitzungsfühler, Glühkerze mit Flammenüberwachung, Verbrennungsluftgebläse, Umwälzpumpe, Heizelement für Kraftstoffvormärmung
856
5. Steuergerät für Zusatzheizung, Funkempfänger für Standheizung, Antenne für Standheizung	857
6. Steuergerät für Zusatzheizung, Diagnose-Interface für Datenbus, Schalttafeleinsatz	858
046 - Stand- und Zusatzheizung (für Fahrzeuge mit Climatronic mit Dieselmotoren)	859-866
1. Stand- und Zusatzheizung (für Fahrzeuge mit Climatronic mit Dieselmotoren)	859
2. Steuergerät für Climatronic, Steuergerät für Frischluftgebläse, Frischluftgebläse, Sicherungshalter C in der Schalttafel 860
3. Steuergerät für Zusatzheizung, Absperrventil für Kühlmittel der Heizung, Dosierpumpe, Umwälzpumpe	861
4. Steuergerät für Zusatzheizung, Temperaturfühler, Überhitzungsfühler, Glühkerze mit Flammenüberwachung, Verbrennungsluftgebläse, Umwälzpumpe, Heizelement für Kraftstoffvormärmung
862
5. Steuergerät für Zusatzheizung, Funkempfänger für Standheizung, Antenne für Standheizung	863
6. Steuergerät für Zusatzheizung, Diagnose-Interface für Datenbus, Kraftstoffpumpe für Vorförderung	864
7. Schalttafeleinsatz	865
8. Schalttafeleinsatz, Kraftstoffvorratsgeber 2	866
047 - Beheizbare Frontscheibe, (7L3)	867-870
1. Beheizbare Frontscheibe, (7L3)	867
2. Steuergerät für Climatronic, Taster für beheizbare Frontscheibe	868
3. Relais für beheizbare Frontscheibe, Sicherungshalter A an der E-Box, Sicherungshalter C in der Schalttafel	869
4. Relais für beheizbare Frontscheibe, beheizbare Frontscheibe	870
048 - Beheizbare Frontscheibe, (7L6)	871-874
1. Beheizbare Frontscheibe, (7L6)	871
2. Steuergerät für Climatronic, Taster für beheizbare Frontscheibe	872
3. Relais für beheizbare Frontscheibe, Sicherungshalter A an der E-Box, Sicherungshalter C in der Schalttafel	873
4. Relais für beheizbare Frontscheibe, beheizbare Frontscheibe	874
049 - Beheizbare Scheibenwaschdüsen	875-876
1. Beheizbare Scheibenwaschdüsen	875
2. Heizwiderstand für Spritzdüse	876
050 - Elektrisches Schiebedach	877-879
1. Elektrisches Schiebedach	877
2. Steuergerät für Schiebedach, Schiebedachmotor, Sicherungshalter C in der Schalttafel	878
3. Steuergerät für Schiebedach, Regler für Schiebedach, Taster für Schiebedach	879
051 - Solardach	880-881
1. Solardach	880
2. Steuergerät für Solarbetrieb, Solarzellen, Steuergerät für Frischluftgebläse, Frischluftgebläse, Sicherungshalter C in der Schalttafel
881
